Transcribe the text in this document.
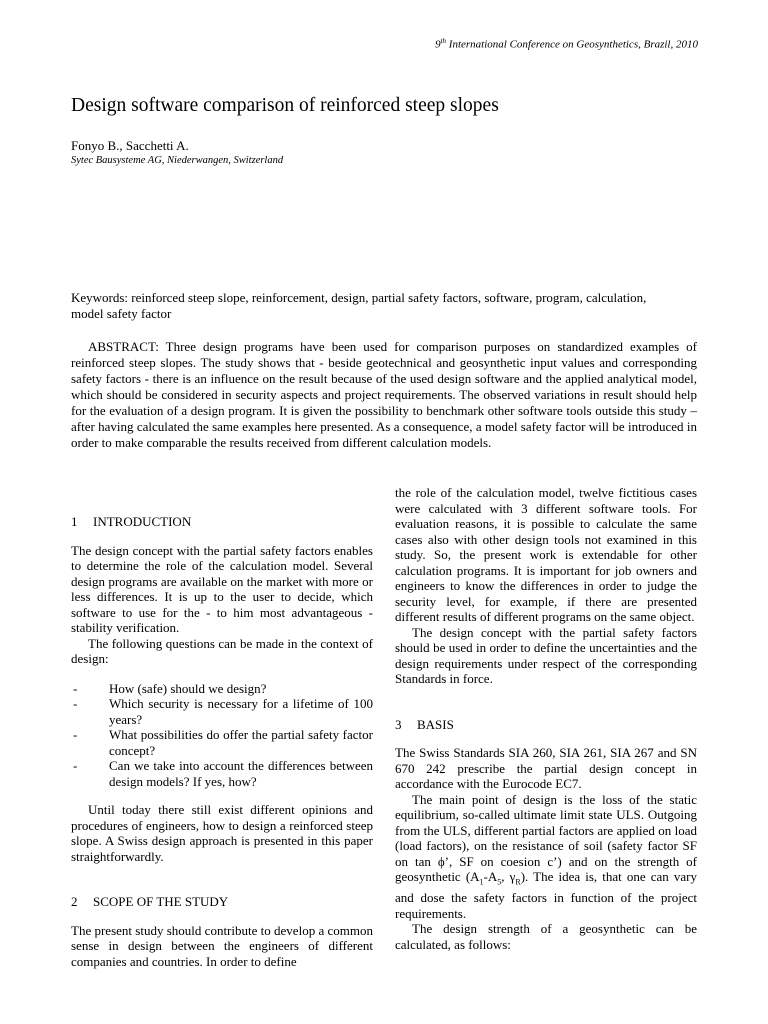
9th International Conference on Geosynthetics, Brazil, 2010
Design software comparison of reinforced steep slopes
Fonyo B., Sacchetti A.
Sytec Bausysteme AG, Niederwangen, Switzerland
Keywords: reinforced steep slope, reinforcement, design, partial safety factors, software, program, calculation, model safety factor

ABSTRACT: Three design programs have been used for comparison purposes on standardized examples of reinforced steep slopes. The study shows that - beside geotechnical and geosynthetic input values and corresponding safety factors - there is an influence on the result because of the used design software and the applied analytical model, which should be considered in security aspects and project requirements. The observed variations in result should help for the evaluation of a design program. It is given the possibility to benchmark other software tools outside this study – after having calculated the same examples here presented. As a consequence, a model safety factor will be introduced in order to make comparable the results received from different calculation models.

1 INTRODUCTION

The design concept with the partial safety factors enables to determine the role of the calculation model. Several design programs are available on the market with more or less differences. It is up to the user to decide, which software to use for the - to him most advantageous - stability verification.

The following questions can be made in the context of design:

- How (safe) should we design?
- Which security is necessary for a lifetime of 100 years?
- What possibilities do offer the partial safety factor concept?
- Can we take into account the differences between design models? If yes, how?

Until today there still exist different opinions and procedures of engineers, how to design a reinforced steep slope. A Swiss design approach is presented in this paper straightforwardly.

2 SCOPE OF THE STUDY

The present study should contribute to develop a common sense in design between the engineers of different companies and countries. In order to define

the role of the calculation model, twelve fictitious cases were calculated with 3 different software tools. For evaluation reasons, it is possible to calculate the same cases also with other design tools not examined in this study. So, the present work is extendable for other calculation programs. It is important for job owners and engineers to know the differences in order to judge the security level, for example, if there are presented different results of different programs on the same object.

The design concept with the partial safety factors should be used in order to define the uncertainties and the design requirements under respect of the corresponding Standards in force.

3 BASIS

The Swiss Standards SIA 260, SIA 261, SIA 267 and SN 670 242 prescribe the partial design concept in accordance with the Eurocode EC7.

The main point of design is the loss of the static equilibrium, so-called ultimate limit state ULS. Outgoing from the ULS, different partial factors are applied on load (load factors), on the resistance of soil (safety factor SF on tan ϕ’, SF on coesion c’) and on the strength of geosynthetic ($A_1-A_5$, $\gamma_R$). The idea is, that one can vary and dose the safety factors in function of the project requirements.

The design strength of a geosynthetic can be calculated, as follows:
